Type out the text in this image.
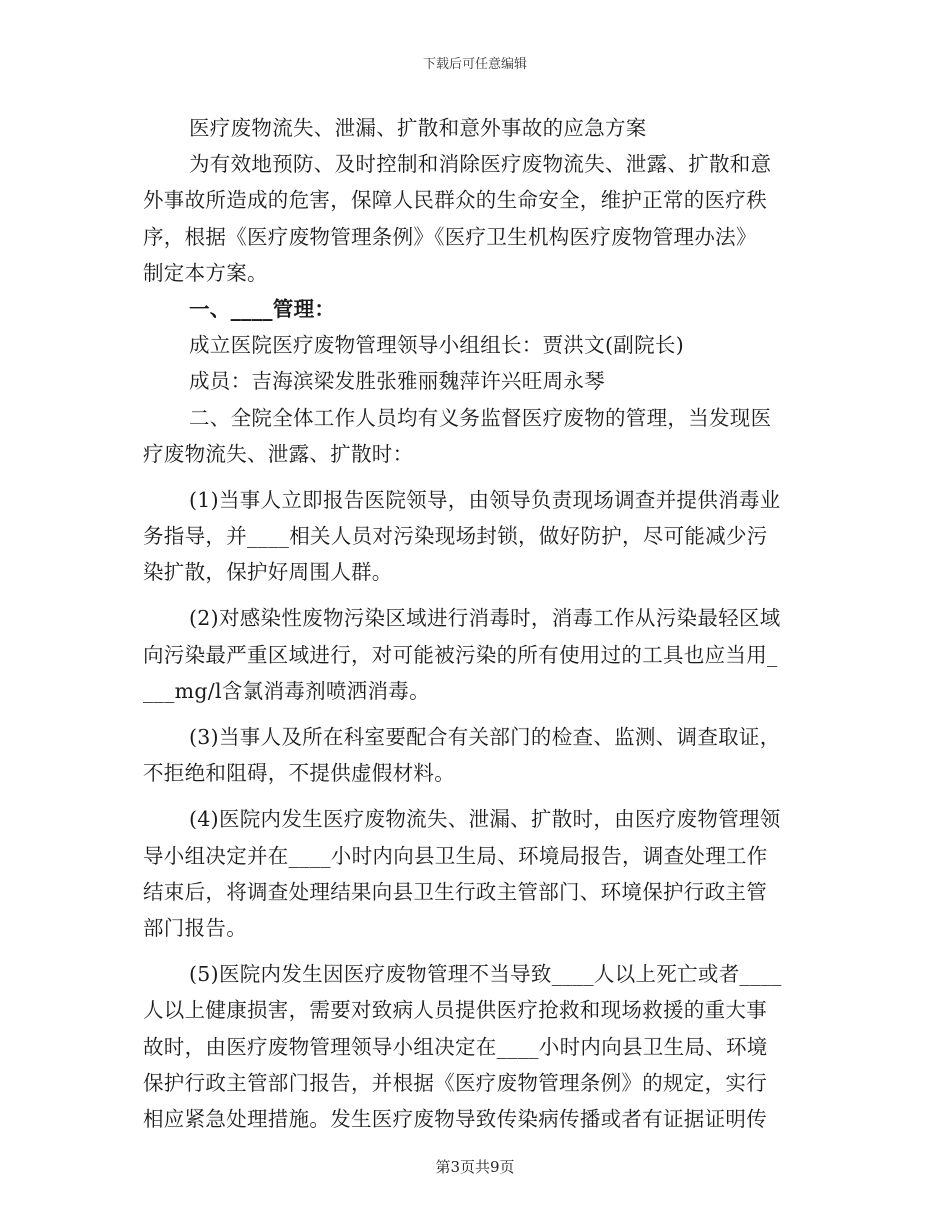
下载后可任意编辑
医疗废物流失、泄漏、扩散和意外事故的应急方案
为有效地预防、及时控制和消除医疗废物流失、泄露、扩散和意
外事故所造成的危害，保障人民群众的生命安全，维护正常的医疗秩
序，根据《医疗废物管理条例》《医疗卫生机构医疗废物管理办法》
制定本方案。
一、____管理：
成立医院医疗废物管理领导小组组长：贾洪文(副院长)
成员：吉海滨梁发胜张雅丽魏萍许兴旺周永琴
二、全院全体工作人员均有义务监督医疗废物的管理，当发现医
疗废物流失、泄露、扩散时：
(1)当事人立即报告医院领导，由领导负责现场调查并提供消毒业
务指导，并____相关人员对污染现场封锁，做好防护，尽可能减少污
染扩散，保护好周围人群。
(2)对感染性废物污染区域进行消毒时，消毒工作从污染最轻区域
向污染最严重区域进行，对可能被污染的所有使用过的工具也应当用_
___mg/l含氯消毒剂喷洒消毒。
(3)当事人及所在科室要配合有关部门的检查、监测、调查取证，
不拒绝和阻碍，不提供虚假材料。
(4)医院内发生医疗废物流失、泄漏、扩散时，由医疗废物管理领
导小组决定并在____小时内向县卫生局、环境局报告，调查处理工作
结束后，将调查处理结果向县卫生行政主管部门、环境保护行政主管
部门报告。
(5)医院内发生因医疗废物管理不当导致____人以上死亡或者____
人以上健康损害，需要对致病人员提供医疗抢救和现场救援的重大事
故时，由医疗废物管理领导小组决定在____小时内向县卫生局、环境
保护行政主管部门报告，并根据《医疗废物管理条例》的规定，实行
相应紧急处理措施。发生医疗废物导致传染病传播或者有证据证明传
第3页共9页
